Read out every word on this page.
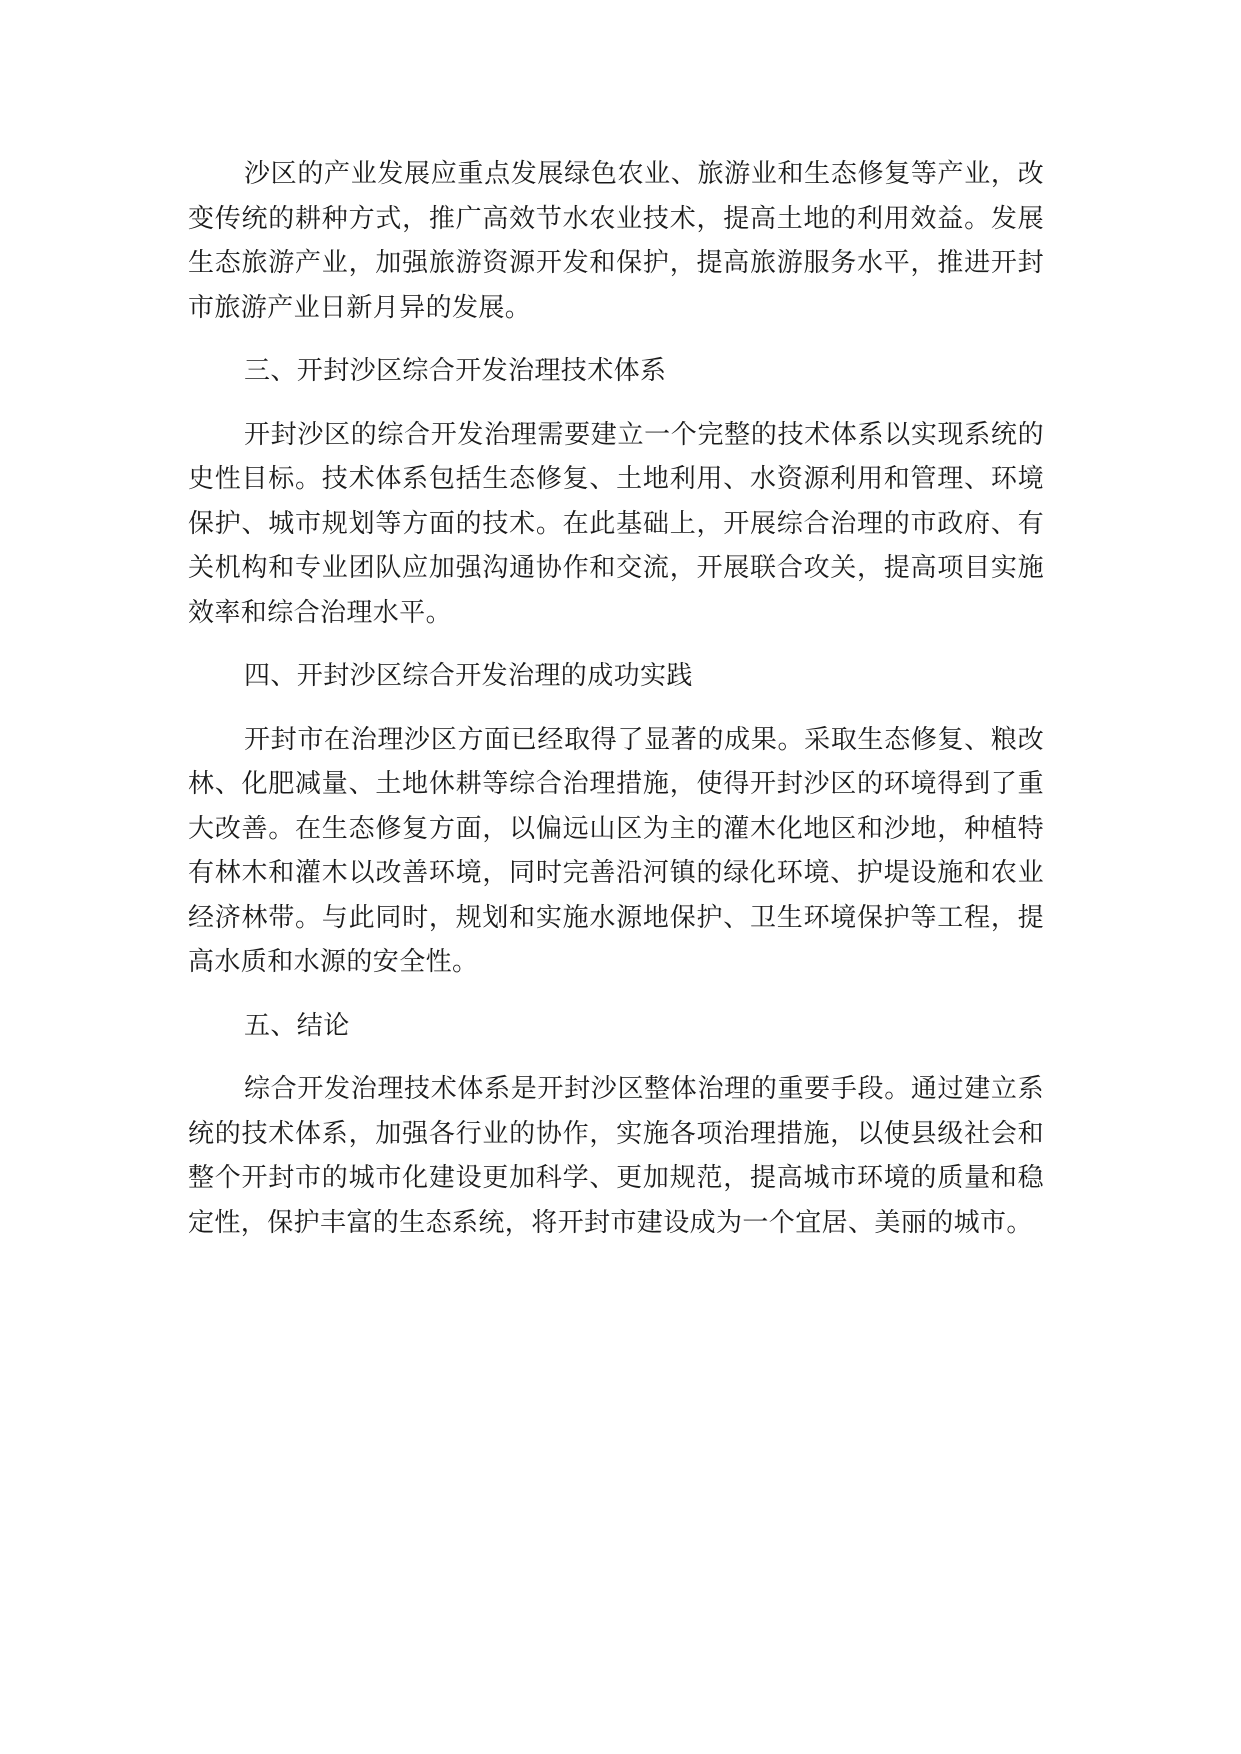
沙区的产业发展应重点发展绿色农业、旅游业和生态修复等产业，改变传统的耕种方式，推广高效节水农业技术，提高土地的利用效益。发展生态旅游产业，加强旅游资源开发和保护，提高旅游服务水平，推进开封市旅游产业日新月异的发展。

三、开封沙区综合开发治理技术体系

开封沙区的综合开发治理需要建立一个完整的技术体系以实现系统的史性目标。技术体系包括生态修复、土地利用、水资源利用和管理、环境保护、城市规划等方面的技术。在此基础上，开展综合治理的市政府、有关机构和专业团队应加强沟通协作和交流，开展联合攻关，提高项目实施效率和综合治理水平。

四、开封沙区综合开发治理的成功实践

开封市在治理沙区方面已经取得了显著的成果。采取生态修复、粮改林、化肥减量、土地休耕等综合治理措施，使得开封沙区的环境得到了重大改善。在生态修复方面，以偏远山区为主的灌木化地区和沙地，种植特有林木和灌木以改善环境，同时完善沿河镇的绿化环境、护堤设施和农业经济林带。与此同时，规划和实施水源地保护、卫生环境保护等工程，提高水质和水源的安全性。

五、结论

综合开发治理技术体系是开封沙区整体治理的重要手段。通过建立系统的技术体系，加强各行业的协作，实施各项治理措施，以使县级社会和整个开封市的城市化建设更加科学、更加规范，提高城市环境的质量和稳定性，保护丰富的生态系统，将开封市建设成为一个宜居、美丽的城市。
